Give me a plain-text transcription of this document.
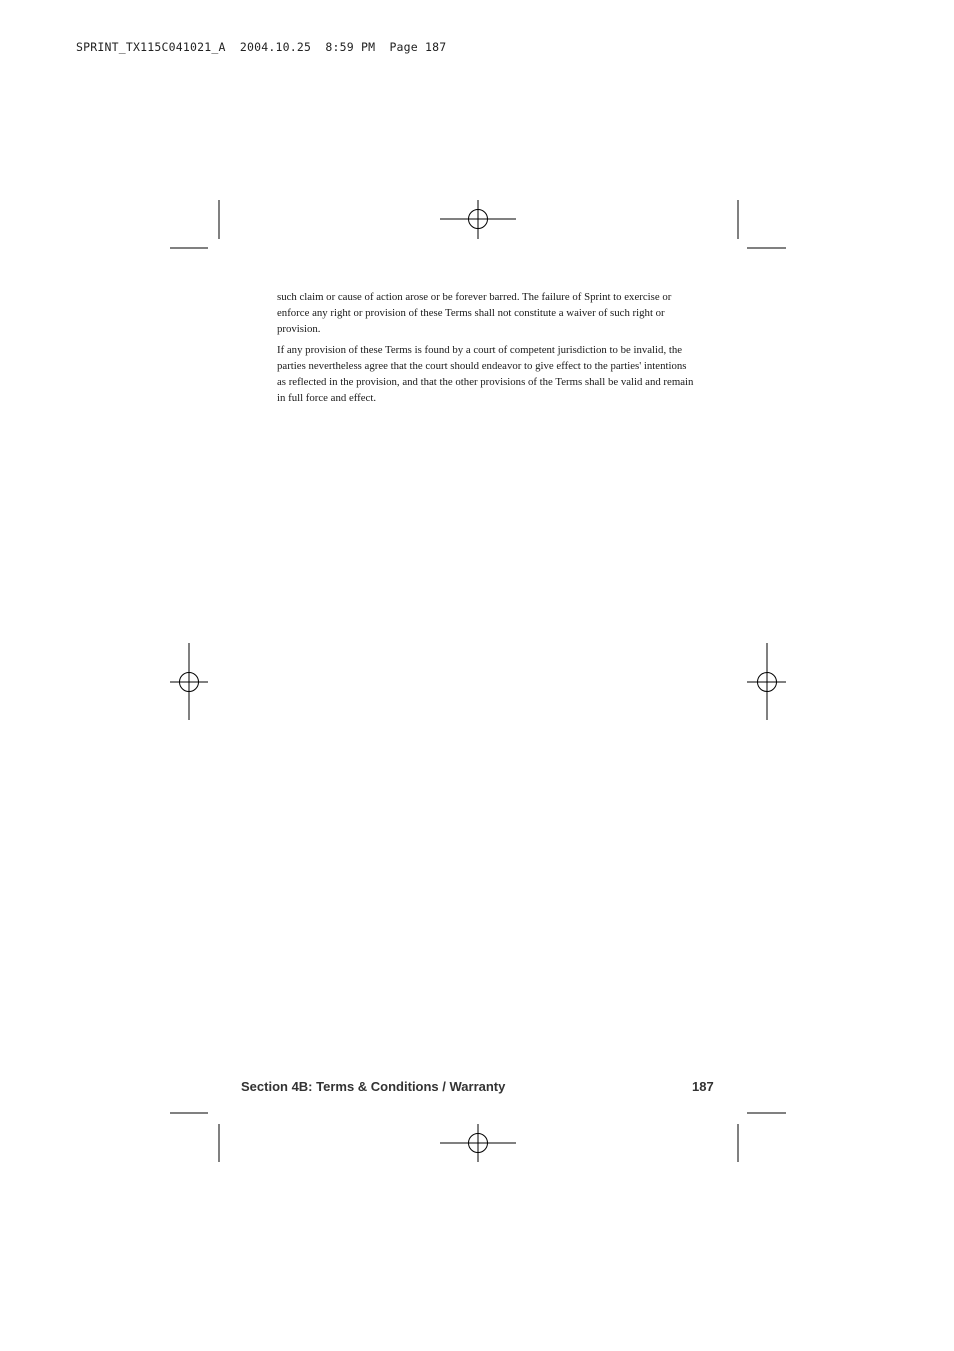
SPRINT_TX115C041021_A  2004.10.25  8:59 PM  Page 187

such claim or cause of action arose or be forever barred. The failure of Sprint to exercise or enforce any right or provision of these Terms shall not constitute a waiver of such right or provision.

If any provision of these Terms is found by a court of competent jurisdiction to be invalid, the parties nevertheless agree that the court should endeavor to give effect to the parties' intentions as reflected in the provision, and that the other provisions of the Terms shall be valid and remain in full force and effect.

Section 4B: Terms & Conditions / Warranty	187
